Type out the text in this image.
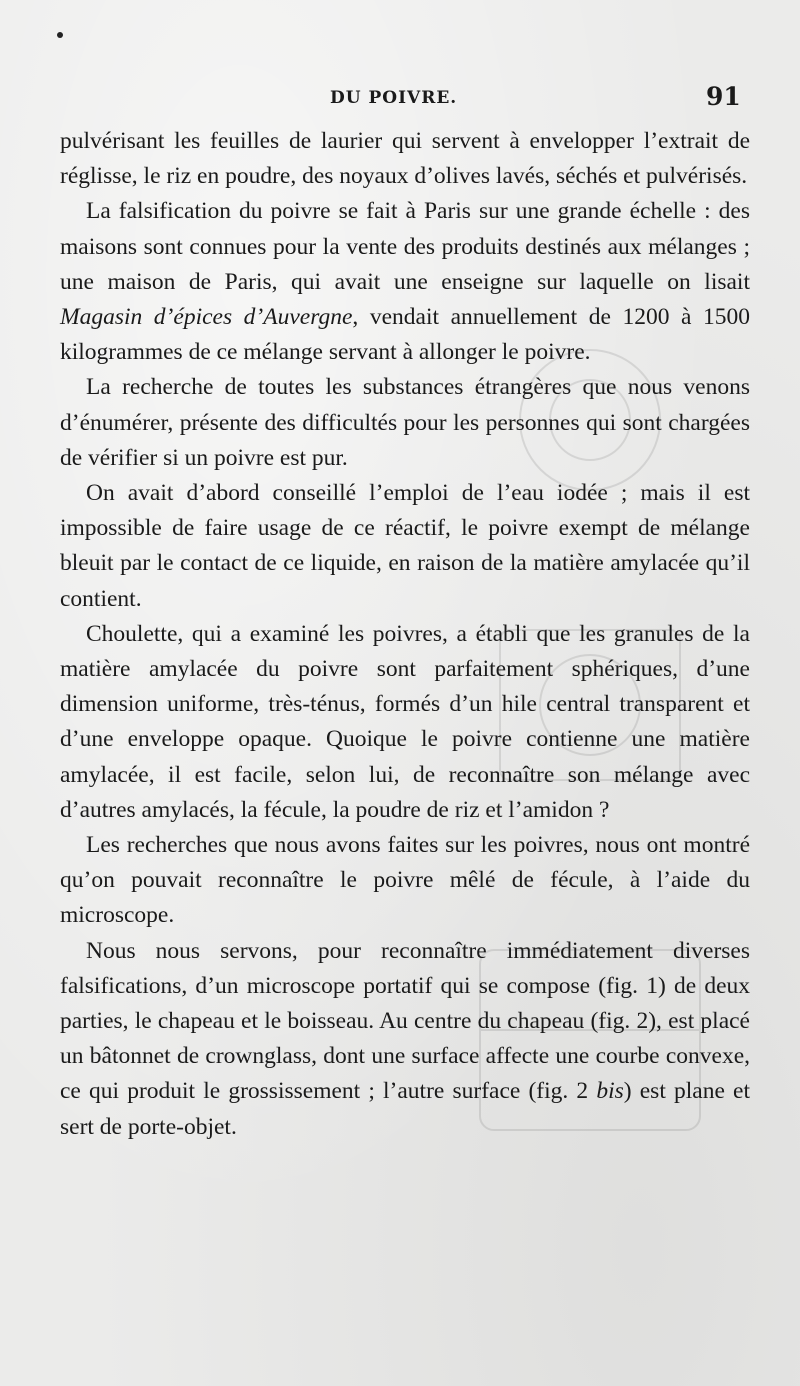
DU POIVRE.	91

pulvérisant les feuilles de laurier qui servent à envelopper l’extrait de réglisse, le riz en poudre, des noyaux d’olives lavés, séchés et pulvérisés.

La falsification du poivre se fait à Paris sur une grande échelle : des maisons sont connues pour la vente des produits destinés aux mélanges ; une maison de Paris, qui avait une enseigne sur laquelle on lisait Magasin d’épices d’Auvergne, vendait annuellement de 1200 à 1500 kilogrammes de ce mélange servant à allonger le poivre.

La recherche de toutes les substances étrangères que nous venons d’énumérer, présente des difficultés pour les personnes qui sont chargées de vérifier si un poivre est pur.

On avait d’abord conseillé l’emploi de l’eau iodée ; mais il est impossible de faire usage de ce réactif, le poivre exempt de mélange bleuit par le contact de ce liquide, en raison de la matière amylacée qu’il contient.

Choulette, qui a examiné les poivres, a établi que les granules de la matière amylacée du poivre sont parfaitement sphériques, d’une dimension uniforme, très-ténus, formés d’un hile central transparent et d’une enveloppe opaque. Quoique le poivre contienne une matière amylacée, il est facile, selon lui, de reconnaître son mélange avec d’autres amylacés, la fécule, la poudre de riz et l’amidon ?

Les recherches que nous avons faites sur les poivres, nous ont montré qu’on pouvait reconnaître le poivre mêlé de fécule, à l’aide du microscope.

Nous nous servons, pour reconnaître immédiatement diverses falsifications, d’un microscope portatif qui se compose (fig. 1) de deux parties, le chapeau et le boisseau. Au centre du chapeau (fig. 2), est placé un bâtonnet de crownglass, dont une surface affecte une courbe convexe, ce qui produit le grossissement ; l’autre surface (fig. 2 bis) est plane et sert de porte-objet.
